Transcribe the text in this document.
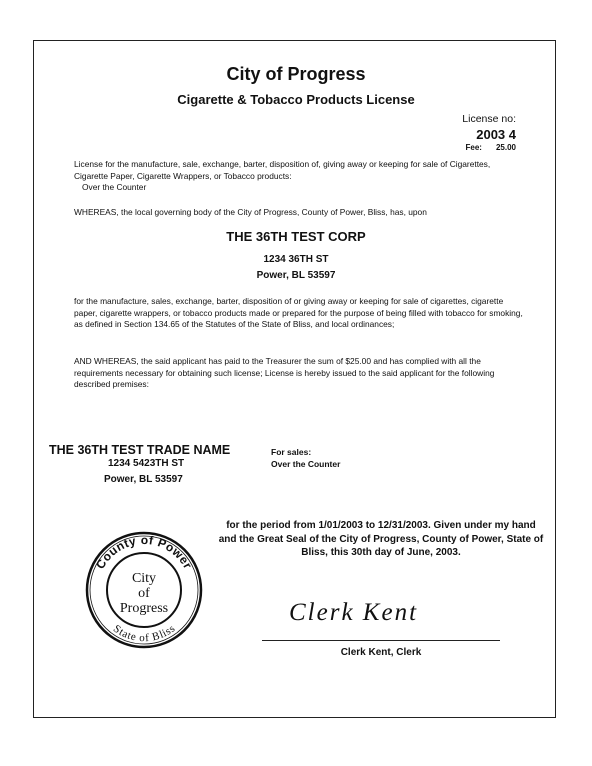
City of Progress
Cigarette & Tobacco Products License
License no:
2003 4
Fee: 25.00

License for the manufacture, sale, exchange, barter, disposition of, giving away or keeping for sale of Cigarettes, Cigarette Paper, Cigarette Wrappers, or Tobacco products:

Over the Counter

WHEREAS, the local governing body of the City of Progress, County of Power, Bliss, has, upon

THE 36TH TEST CORP
1234 36TH ST
Power, BL 53597

for the manufacture, sales, exchange, barter, disposition of or giving away or keeping for sale of cigarettes, cigarette paper, cigarette wrappers, or tobacco products made or prepared for the purpose of being filled with tobacco for smoking, as defined in Section 134.65 of the Statutes of the State of Bliss, and local ordinances;

AND WHEREAS, the said applicant has paid to the Treasurer the sum of $25.00 and has complied with all the requirements necessary for obtaining such license; License is hereby issued to the said applicant for the following described premises:

THE 36TH TEST TRADE NAME
1234 5423TH ST
Power, BL 53597
For sales:
Over the Counter
for the period from 1/01/2003 to 12/31/2003. Given under my hand and the Great Seal of the City of Progress, County of Power, State of Bliss, this 30th day of June, 2003.
County of Power
State of Bliss
City
of
Progress	Clerk Kent
Clerk Kent, Clerk
